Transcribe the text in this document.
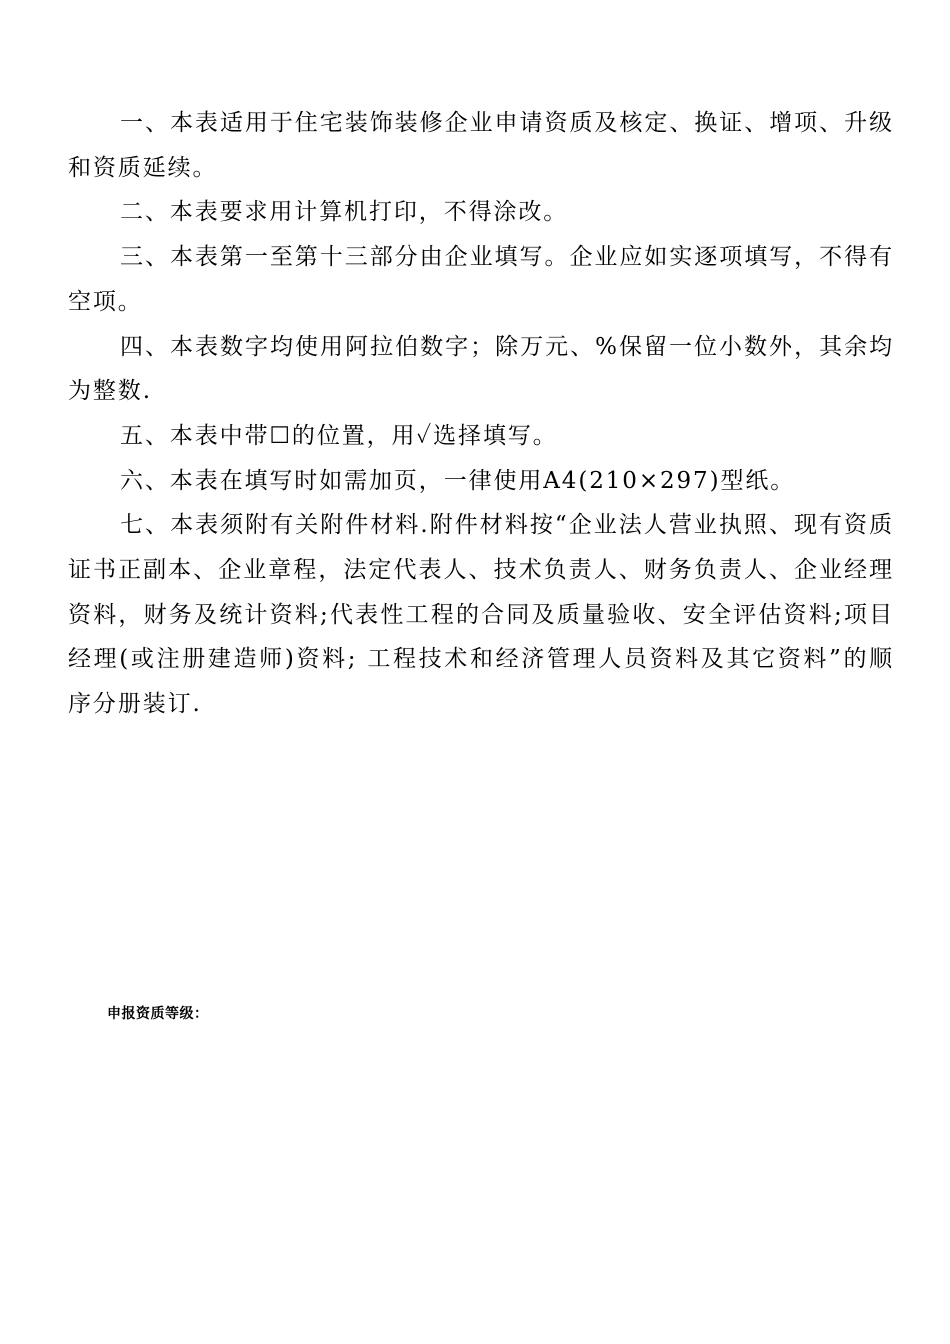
一、本表适用于住宅装饰装修企业申请资质及核定、换证、增项、升级和资质延续。

二、本表要求用计算机打印，不得涂改。

三、本表第一至第十三部分由企业填写。企业应如实逐项填写，不得有空项。

四、本表数字均使用阿拉伯数字；除万元、%保留一位小数外，其余均为整数.

五、本表中带☐的位置，用✓选择填写。

六、本表在填写时如需加页，一律使用A4(210×297)型纸。

七、本表须附有关附件材料.附件材料按“企业法人营业执照、现有资质证书正副本、企业章程，法定代表人、技术负责人、财务负责人、企业经理资料，财务及统计资料;代表性工程的合同及质量验收、安全评估资料;项目经理(或注册建造师)资料; 工程技术和经济管理人员资料及其它资料”的顺序分册装订.

申报资质等级：
